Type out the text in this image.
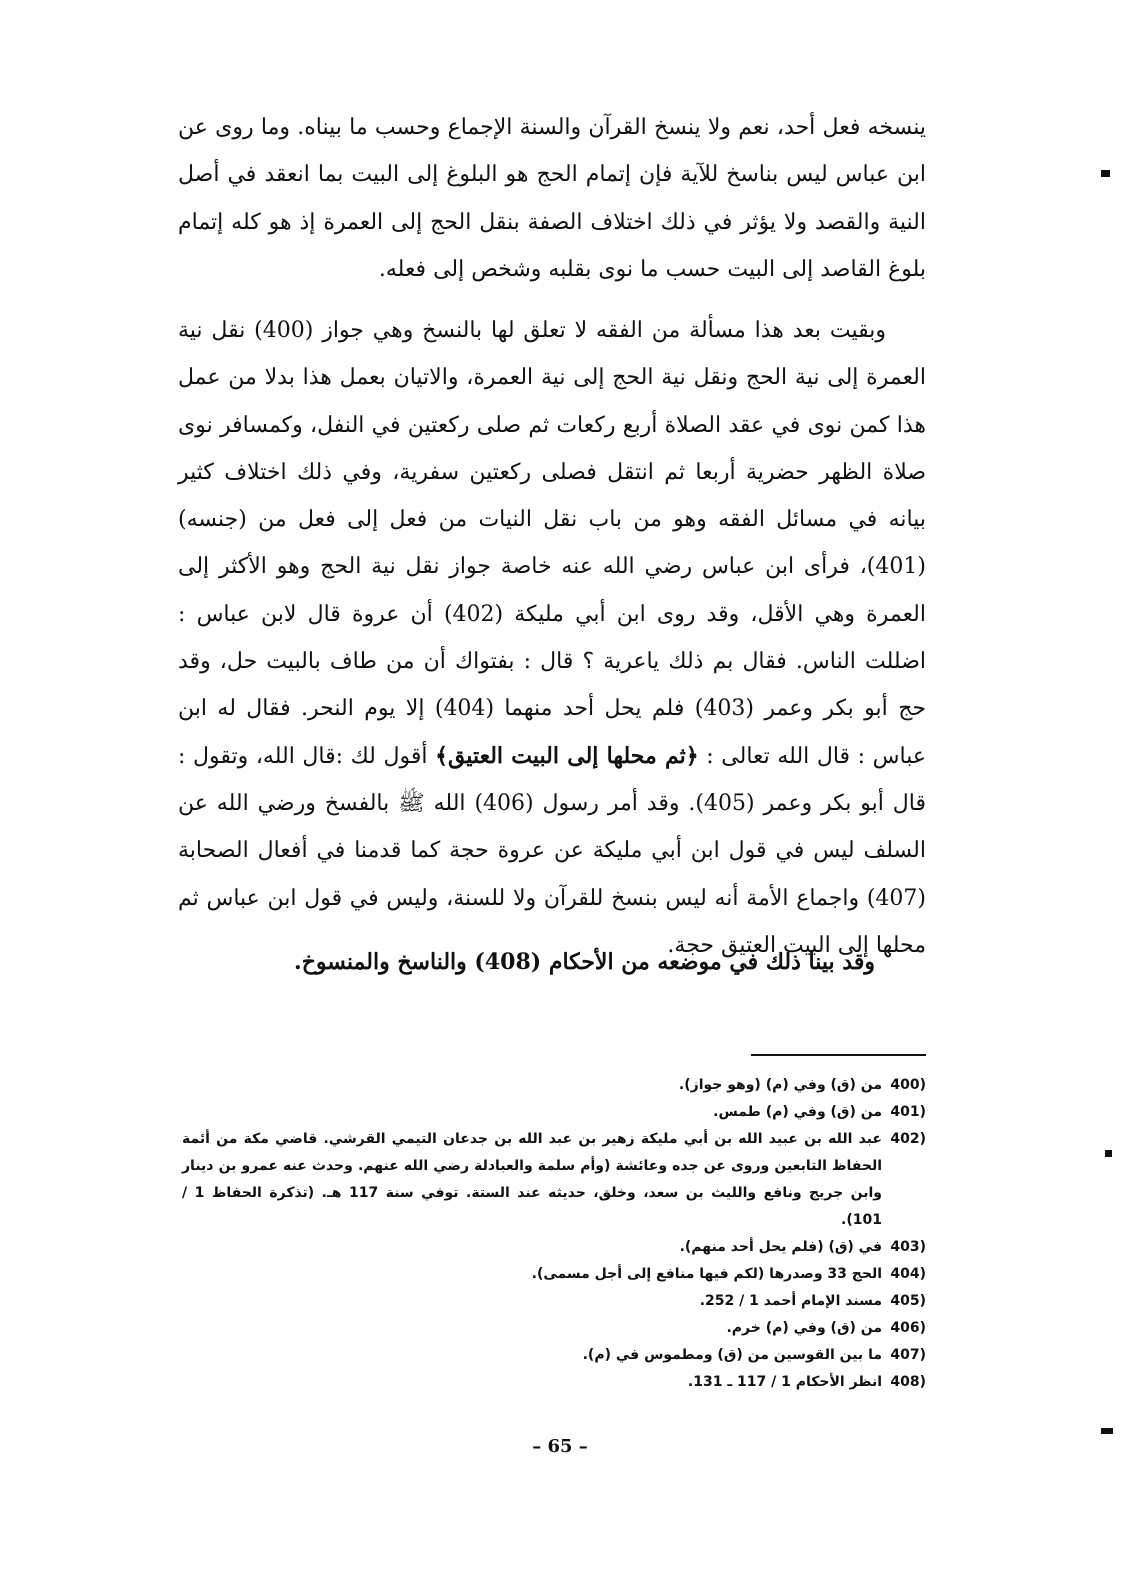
ينسخه فعل أحد، نعم ولا ينسخ القرآن والسنة الإجماع وحسب ما بيناه. وما روى عن ابن عباس ليس بناسخ للآية فإن إتمام الحج هو البلوغ إلى البيت بما انعقد في أصل النية والقصد ولا يؤثر في ذلك اختلاف الصفة بنقل الحج إلى العمرة إذ هو كله إتمام بلوغ القاصد إلى البيت حسب ما نوى بقلبه وشخص إلى فعله.

وبقيت بعد هذا مسألة من الفقه لا تعلق لها بالنسخ وهي جواز (400) نقل نية العمرة إلى نية الحج ونقل نية الحج إلى نية العمرة، والاتيان بعمل هذا بدلا من عمل هذا كمن نوى في عقد الصلاة أربع ركعات ثم صلى ركعتين في النفل، وكمسافر نوى صلاة الظهر حضرية أربعا ثم انتقل فصلى ركعتين سفرية، وفي ذلك اختلاف كثير بيانه في مسائل الفقه وهو من باب نقل النيات من فعل إلى فعل من (جنسه) (401)، فرأى ابن عباس رضي الله عنه خاصة جواز نقل نية الحج وهو الأكثر إلى العمرة وهي الأقل، وقد روى ابن أبي مليكة (402) أن عروة قال لابن عباس : اضللت الناس. فقال بم ذلك ياعرية ؟ قال : بفتواك أن من طاف بالبيت حل، وقد حج أبو بكر وعمر (403) فلم يحل أحد منهما (404) إلا يوم النحر. فقال له ابن عباس : قال الله تعالى : ﴿ثم محلها إلى البيت العتيق﴾ أقول لك :قال الله، وتقول : قال أبو بكر وعمر (405). وقد أمر رسول (406) الله ﷺ بالفسخ ورضي الله عن السلف ليس في قول ابن أبي مليكة عن عروة حجة كما قدمنا في أفعال الصحابة (407) واجماع الأمة أنه ليس بنسخ للقرآن ولا للسنة، وليس في قول ابن عباس ثم محلها إلى البيت العتيق حجة.

وقد بينا ذلك في موضعه من الأحكام (408) والناسخ والمنسوخ.

400)
من (ق) وفي (م) (وهو جواز).
401)
من (ق) وفي (م) طمس.
402)
عبد الله بن عبيد الله بن أبي مليكة زهير بن عبد الله بن جدعان التيمي القرشي. قاضي مكة من أئمة الحفاظ التابعين وروى عن جده وعائشة (وأم سلمة والعبادلة رضي الله عنهم. وحدث عنه عمرو بن دينار وابن جريج ونافع والليث بن سعد، وخلق، حديثه عند الستة. توفي سنة 117 هـ. (تذكرة الحفاظ 1 / 101).
403)
في (ق) (فلم يحل أحد منهم).
404)
الحج 33 وصدرها (لكم فيها منافع إلى أجل مسمى).
405)
مسند الإمام أحمد 1 / 252.
406)
من (ق) وفي (م) خرم.
407)
ما بين القوسين من (ق) ومطموس في (م).
408)
انظر الأحكام 1 / 117 ـ 131.
– 65 –
